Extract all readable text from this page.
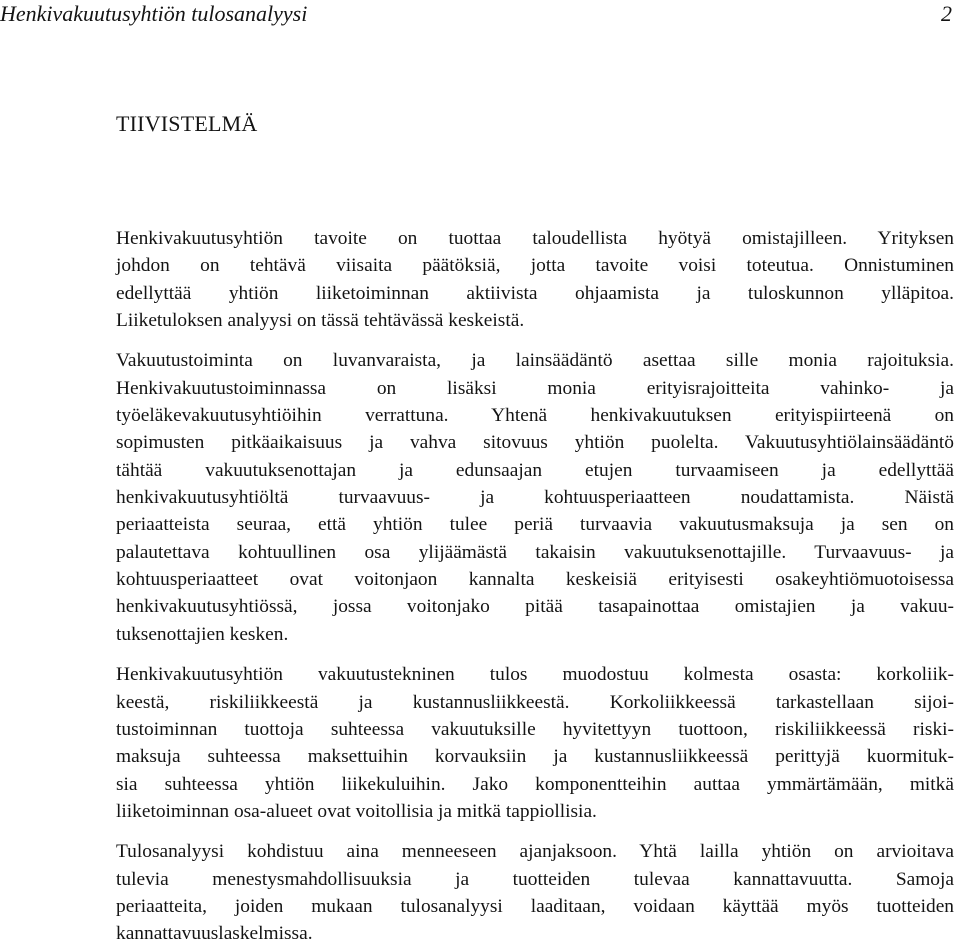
Henkivakuutusyhtiön tulosanalyysi	2
TIIVISTELMÄ

Henkivakuutusyhtiön tavoite on tuottaa taloudellista hyötyä omistajilleen. Yrityksen
johdon on tehtävä viisaita päätöksiä, jotta tavoite voisi toteutua. Onnistuminen
edellyttää yhtiön liiketoiminnan aktiivista ohjaamista ja tuloskunnon ylläpitoa.
Liiketuloksen analyysi on tässä tehtävässä keskeistä.

Vakuutustoiminta on luvanvaraista, ja lainsäädäntö asettaa sille monia rajoituksia.
Henkivakuutustoiminnassa on lisäksi monia erityisrajoitteita vahinko- ja
työeläkevakuutusyhtiöihin verrattuna. Yhtenä henkivakuutuksen erityispiirteenä on
sopimusten pitkäaikaisuus ja vahva sitovuus yhtiön puolelta. Vakuutusyhtiölainsäädäntö
tähtää vakuutuksenottajan ja edunsaajan etujen turvaamiseen ja edellyttää
henkivakuutusyhtiöltä turvaavuus- ja kohtuusperiaatteen noudattamista. Näistä
periaatteista seuraa, että yhtiön tulee periä turvaavia vakuutusmaksuja ja sen on
palautettava kohtuullinen osa ylijäämästä takaisin vakuutuksenottajille. Turvaavuus- ja
kohtuusperiaatteet ovat voitonjaon kannalta keskeisiä erityisesti osakeyhtiömuotoisessa
henkivakuutusyhtiössä, jossa voitonjako pitää tasapainottaa omistajien ja vakuu-
tuksenottajien kesken.

Henkivakuutusyhtiön vakuutustekninen tulos muodostuu kolmesta osasta: korkoliik-
keestä, riskiliikkeestä ja kustannusliikkeestä. Korkoliikkeessä tarkastellaan sijoi-
tustoiminnan tuottoja suhteessa vakuutuksille hyvitettyyn tuottoon, riskiliikkeessä riski-
maksuja suhteessa maksettuihin korvauksiin ja kustannusliikkeessä perittyjä kuormituk-
sia suhteessa yhtiön liikekuluihin. Jako komponentteihin auttaa ymmärtämään, mitkä
liiketoiminnan osa-alueet ovat voitollisia ja mitkä tappiollisia.

Tulosanalyysi kohdistuu aina menneeseen ajanjaksoon. Yhtä lailla yhtiön on arvioitava
tulevia menestysmahdollisuuksia ja tuotteiden tulevaa kannattavuutta. Samoja
periaatteita, joiden mukaan tulosanalyysi laaditaan, voidaan käyttää myös tuotteiden
kannattavuuslaskelmissa.
